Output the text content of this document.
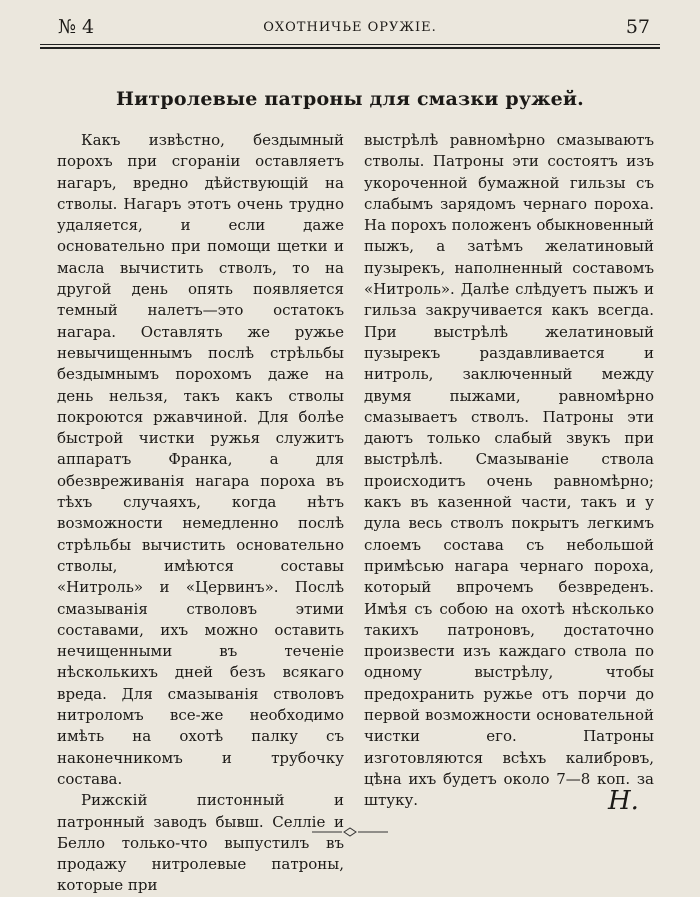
№ 4	ОХОТНИЧЬЕ ОРУЖІЕ.	57
Нитролевые патроны для смазки ружей.

Какъ извѣстно, бездымный порохъ при сгораніи оставляетъ нагаръ, вредно дѣйствующій на стволы. Нагаръ этотъ очень трудно удаляется, и если даже основательно при помощи щетки и масла вычистить стволъ, то на другой день опять появляется темный налетъ—это остатокъ нагара. Оставлять же ружье невычищеннымъ послѣ стрѣльбы бездымнымъ порохомъ даже на день нельзя, такъ какъ стволы покроются ржавчиной. Для болѣе быстрой чистки ружья служитъ аппаратъ Франка, а для обезвреживанія нагара пороха въ тѣхъ случаяхъ, когда нѣтъ возможности немедленно послѣ стрѣльбы вычистить основательно стволы, имѣются составы «Нитроль» и «Цервинъ». Послѣ смазыванія стволовъ этими составами, ихъ можно оставить нечищенными въ теченіе нѣсколькихъ дней безъ всякаго вреда. Для смазыванія стволовъ нитроломъ все-же необходимо имѣть на охотѣ палку съ наконечникомъ и трубочку состава.

Рижскій пистонный и патронный заводъ бывш. Селліе и Белло только-что выпустилъ въ продажу нитролевые патроны, которые при

выстрѣлѣ равномѣрно смазываютъ стволы. Патроны эти состоятъ изъ укороченной бумажной гильзы съ слабымъ зарядомъ чернаго пороха. На порохъ положенъ обыкновенный пыжъ, а затѣмъ желатиновый пузырекъ, наполненный составомъ «Нитроль». Далѣе слѣдуетъ пыжъ и гильза закручивается какъ всегда. При выстрѣлѣ желатиновый пузырекъ раздавливается и нитроль, заключенный между двумя пыжами, равномѣрно смазываетъ стволъ. Патроны эти даютъ только слабый звукъ при выстрѣлѣ. Смазываніе ствола происходитъ очень равномѣрно; какъ въ казенной части, такъ и у дула весь стволъ покрытъ легкимъ слоемъ состава съ небольшой примѣсью нагара чернаго пороха, который впрочемъ безвреденъ. Имѣя съ собою на охотѣ нѣсколько такихъ патроновъ, достаточно произвести изъ каждаго ствола по одному выстрѣлу, чтобы предохранить ружье отъ порчи до первой возможности основательной чистки его. Патроны изготовляются всѣхъ калибровъ, цѣна ихъ будетъ около 7—8 коп. за штуку.	Н.
